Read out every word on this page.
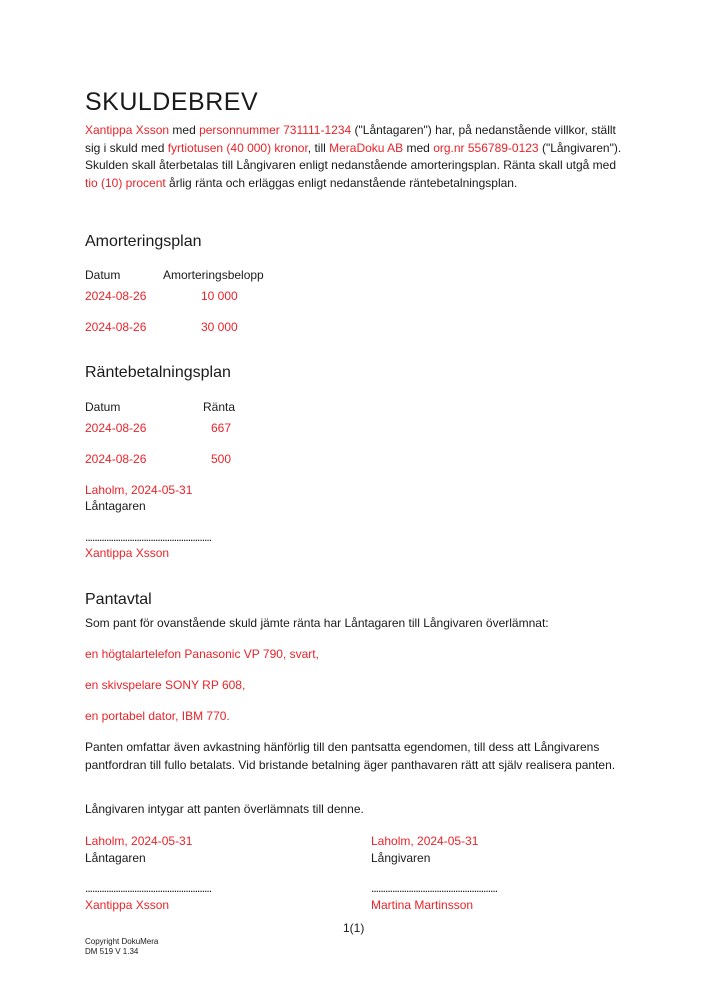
SKULDEBREV
Xantippa Xsson med personnummer 731111-1234 ("Låntagaren") har, på nedanstående villkor, ställt sig i skuld med fyrtiotusen (40 000) kronor, till MeraDoku AB med org.nr 556789-0123 ("Långivaren"). Skulden skall återbetalas till Långivaren enligt nedanstående amorteringsplan. Ränta skall utgå med tio (10) procent årlig ränta och erläggas enligt nedanstående räntebetalningsplan.
Amorteringsplan
Datum	Amorteringsbelopp
2024-08-26	10 000
2024-08-26	30 000
Räntebetalningsplan
Datum	Ränta
2024-08-26	667
2024-08-26	500
Laholm, 2024-05-31
Låntagaren
......................................................
Xantippa Xsson
Pantavtal
Som pant för ovanstående skuld jämte ränta har Låntagaren till Långivaren överlämnat:
en högtalartelefon Panasonic VP 790, svart,
en skivspelare SONY RP 608,
en portabel dator, IBM 770.
Panten omfattar även avkastning hänförlig till den pantsatta egendomen, till dess att Långivarens pantfordran till fullo betalats. Vid bristande betalning äger panthavaren rätt att själv realisera panten.
Långivaren intygar att panten överlämnats till denne.
Laholm, 2024-05-31
Låntagaren
......................................................
Xantippa Xsson
Laholm, 2024-05-31
Långivaren
......................................................
Martina Martinsson
1(1)
Copyright DokuMera
DM 519 V 1.34
